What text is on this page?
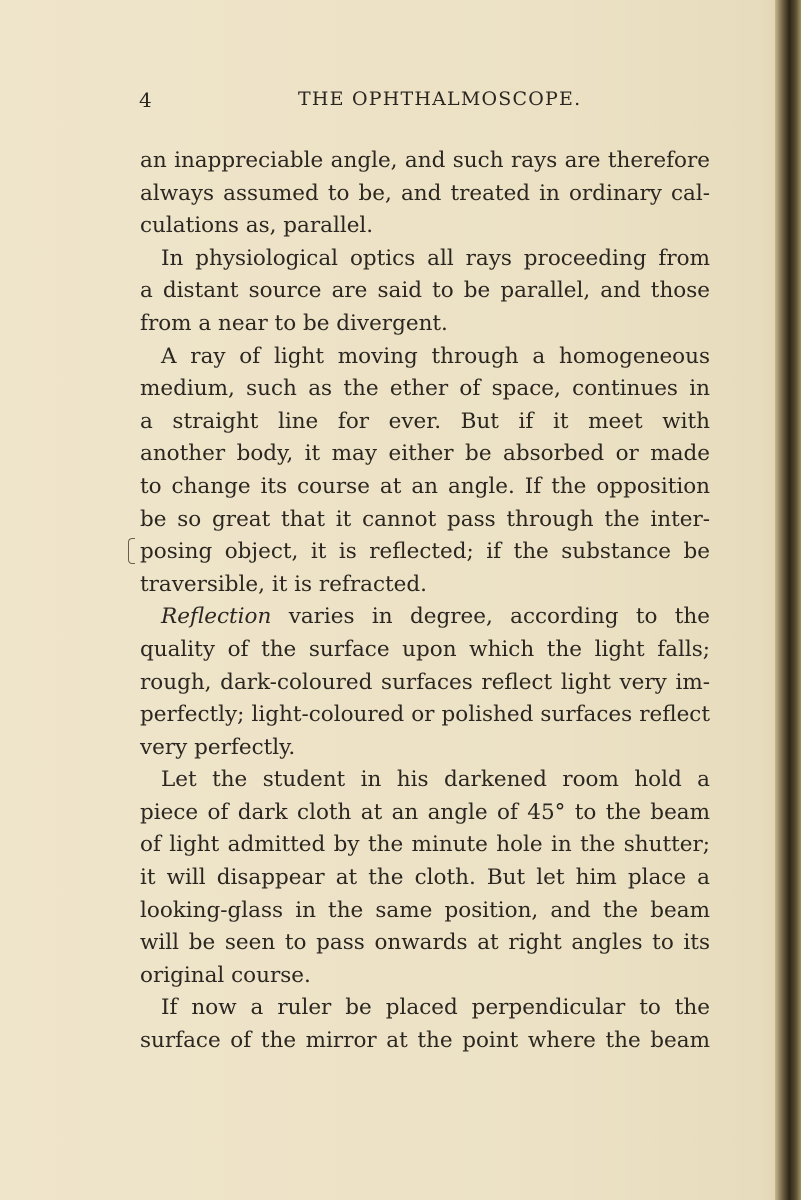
4	THE OPHTHALMOSCOPE.
an inappreciable angle, and such rays are therefore
always assumed to be, and treated in ordinary cal-
culations as, parallel.
In physiological optics all rays proceeding from
a distant source are said to be parallel, and those
from a near to be divergent.
A ray of light moving through a homogeneous
medium, such as the ether of space, continues in
a straight line for ever. But if it meet with
another body, it may either be absorbed or made
to change its course at an angle. If the opposition
be so great that it cannot pass through the inter-
posing object, it is reflected; if the substance be
traversible, it is refracted.
Reflection varies in degree, according to the
quality of the surface upon which the light falls;
rough, dark-coloured surfaces reflect light very im-
perfectly; light-coloured or polished surfaces reflect
very perfectly.
Let the student in his darkened room hold a
piece of dark cloth at an angle of 45° to the beam
of light admitted by the minute hole in the shutter;
it will disappear at the cloth. But let him place a
looking-glass in the same position, and the beam
will be seen to pass onwards at right angles to its
original course.
If now a ruler be placed perpendicular to the
surface of the mirror at the point where the beam
